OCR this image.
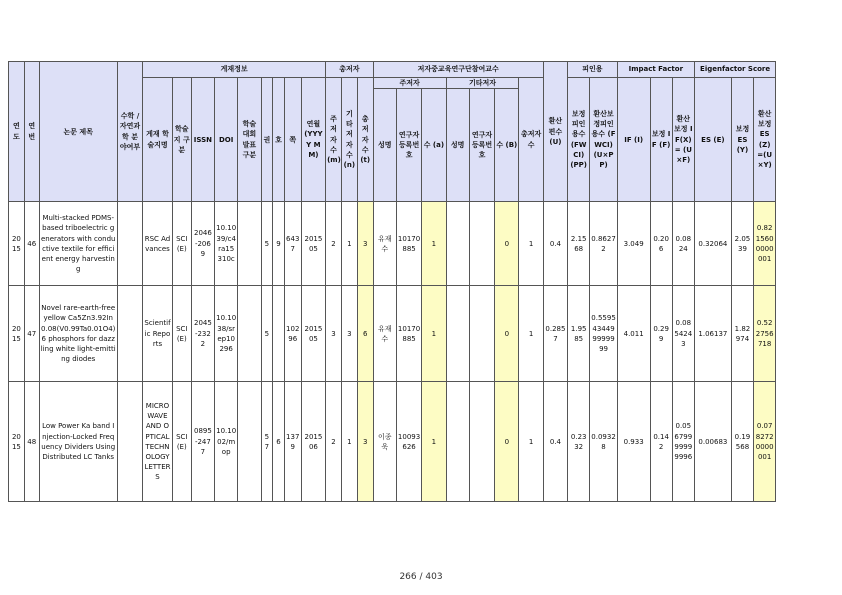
연도	연번	논문 제목	수학 /자연과학 분야여부	게재정보									총저자			저자중교육연구단참여교수							환산 편수 (U)	피인용		Impact Factor			Eigenfactor Score		
				게재 학술지명	학술지 구분	ISSN	DOI	학술대회발표구분	권	호	쪽	연월 (YYYY MM)	주저자수 (m)	기타저자수 (n)	총저자수 (t)	주저자			기타저자			총저자수		보정 피인용수 (FWCI) (PP)	환산보정피인용수 (FWCI) (U×PP)	IF (I)	보정 IF (F)	환산 보정 IF(X) = (U×F)	ES (E)	보정 ES (Y)	환산 보정 ES(Z) =(U×Y)
																성명	연구자 등록번호	수 (a)	성명	연구자 등록번호	수 (B)										
2015	46	Multi-stacked PDMS-based triboelectric generators with conductive textile for efficient energy harvesting		RSC Advances	SCI(E)	2046-2069	10.1039/c4ra15310c		5	9	6437	201505	2	1	3	유재수	10170885	1			0	1	0.4	2.1568	0.86272	3.049	0.206	0.0824	0.32064	2.0539	0.8215600000001
2015	47	Novel rare-earth-free yellow Ca5Zn3.92In0.08(V0.99Ta0.01O4)6 phosphors for dazzling white light-emitting diodes		Scientific Reports	SCI(E)	2045-2322	10.1038/srep10296		5		10296	201505	3	3	6	유재수	10170885	1			0	1	0.2857	1.9585	0.5595434499999999	4.011	0.299	0.0854243	1.06137	1.82974	0.522756718
2015	48	Low Power Ka band Injection-Locked Frequency Dividers Using Distributed LC Tanks		MICROWAVE AND OPTICAL TECHNOLOGY LETTERS	SCI(E)	0895-2477	10.1002/mop		57	6	1379	201506	2	1	3	이종욱	10093626	1			0	1	0.4	0.2332	0.09328	0.933	0.142	0.05679999999996	0.00683	0.19568	0.0782720000001
266 / 403
